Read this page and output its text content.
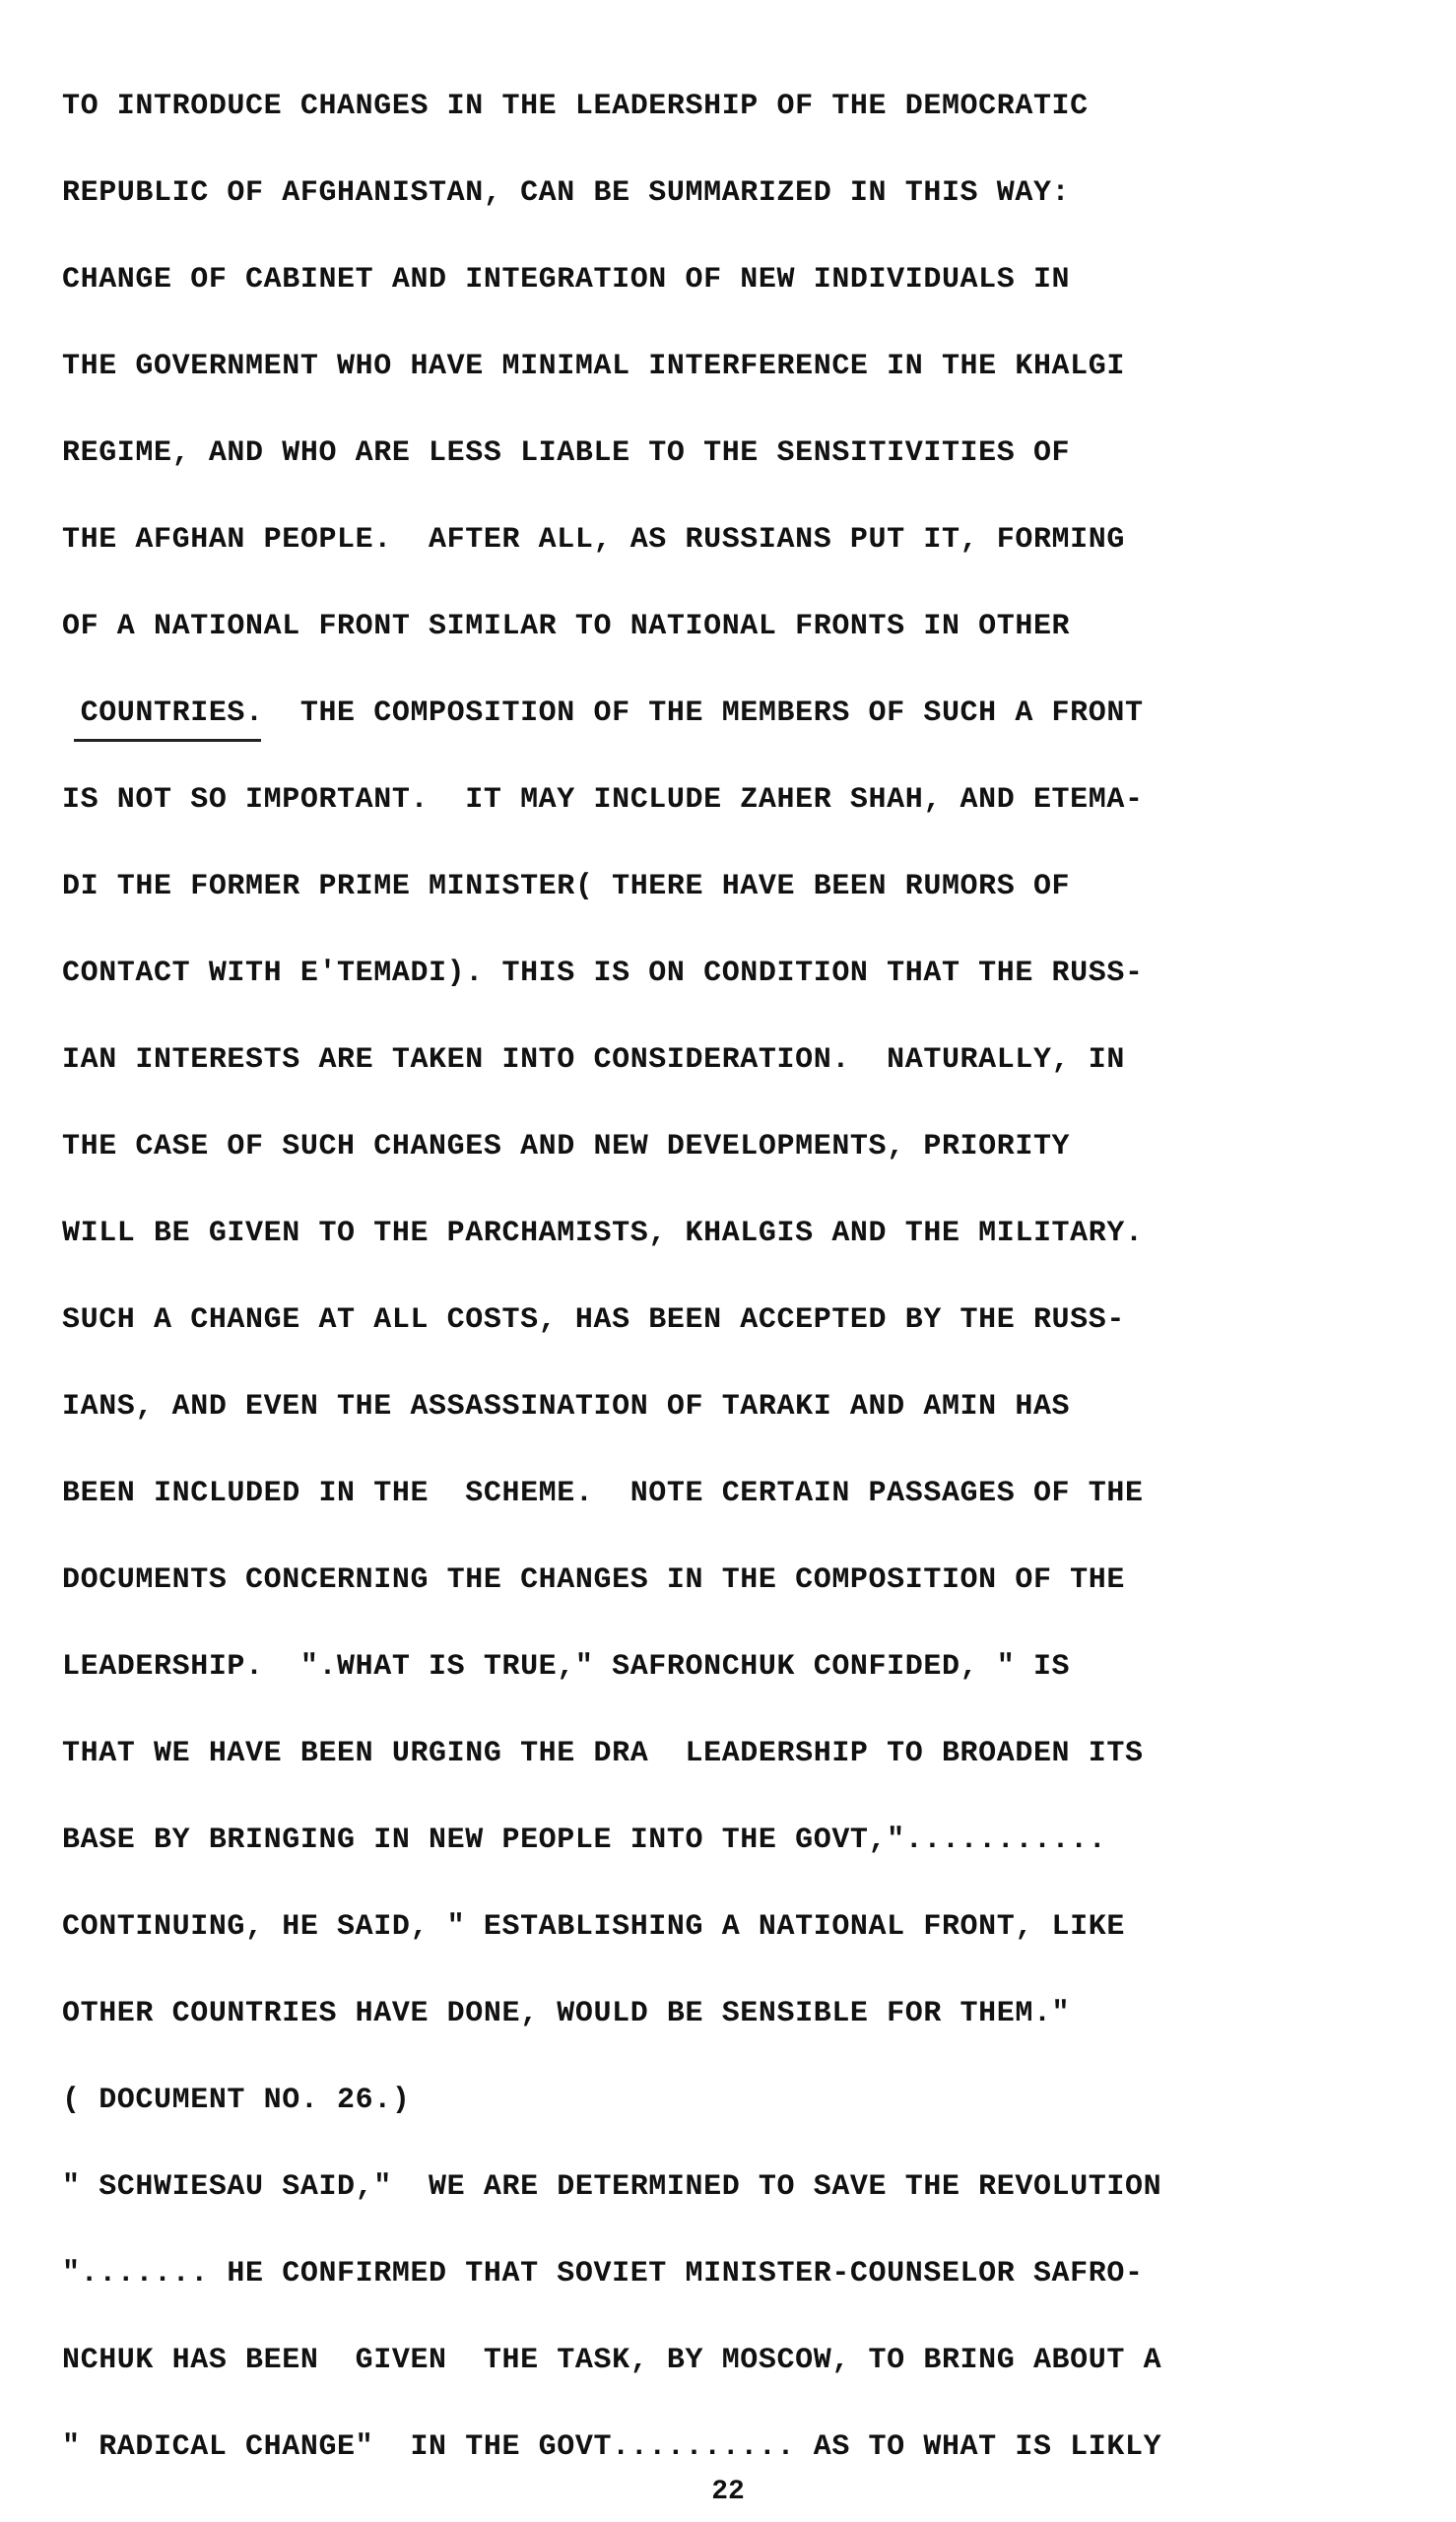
TO INTRODUCE CHANGES IN THE LEADERSHIP OF THE DEMOCRATIC

REPUBLIC OF AFGHANISTAN, CAN BE SUMMARIZED IN THIS WAY:

CHANGE OF CABINET AND INTEGRATION OF NEW INDIVIDUALS IN

THE GOVERNMENT WHO HAVE MINIMAL INTERFERENCE IN THE KHALGI

REGIME, AND WHO ARE LESS LIABLE TO THE SENSITIVITIES OF

THE AFGHAN PEOPLE.  AFTER ALL, AS RUSSIANS PUT IT, FORMING

OF A NATIONAL FRONT SIMILAR TO NATIONAL FRONTS IN OTHER

COUNTRIES.  THE COMPOSITION OF THE MEMBERS OF SUCH A FRONT

IS NOT SO IMPORTANT.  IT MAY INCLUDE ZAHER SHAH, AND ETEMA-

DI THE FORMER PRIME MINISTER( THERE HAVE BEEN RUMORS OF

CONTACT WITH E'TEMADI). THIS IS ON CONDITION THAT THE RUSS-

IAN INTERESTS ARE TAKEN INTO CONSIDERATION.  NATURALLY, IN

THE CASE OF SUCH CHANGES AND NEW DEVELOPMENTS, PRIORITY

WILL BE GIVEN TO THE PARCHAMISTS, KHALGIS AND THE MILITARY.

SUCH A CHANGE AT ALL COSTS, HAS BEEN ACCEPTED BY THE RUSS-

IANS, AND EVEN THE ASSASSINATION OF TARAKI AND AMIN HAS

BEEN INCLUDED IN THE  SCHEME.  NOTE CERTAIN PASSAGES OF THE

DOCUMENTS CONCERNING THE CHANGES IN THE COMPOSITION OF THE

LEADERSHIP.  ".WHAT IS TRUE," SAFRONCHUK CONFIDED, " IS

THAT WE HAVE BEEN URGING THE DRA  LEADERSHIP TO BROADEN ITS

BASE BY BRINGING IN NEW PEOPLE INTO THE GOVT,"...........

CONTINUING, HE SAID, " ESTABLISHING A NATIONAL FRONT, LIKE

OTHER COUNTRIES HAVE DONE, WOULD BE SENSIBLE FOR THEM."

( DOCUMENT NO. 26.)

" SCHWIESAU SAID,"  WE ARE DETERMINED TO SAVE THE REVOLUTION

"....... HE CONFIRMED THAT SOVIET MINISTER-COUNSELOR SAFRO-

NCHUK HAS BEEN  GIVEN  THE TASK, BY MOSCOW, TO BRING ABOUT A

" RADICAL CHANGE"  IN THE GOVT.......... AS TO WHAT IS LIKLY

22
